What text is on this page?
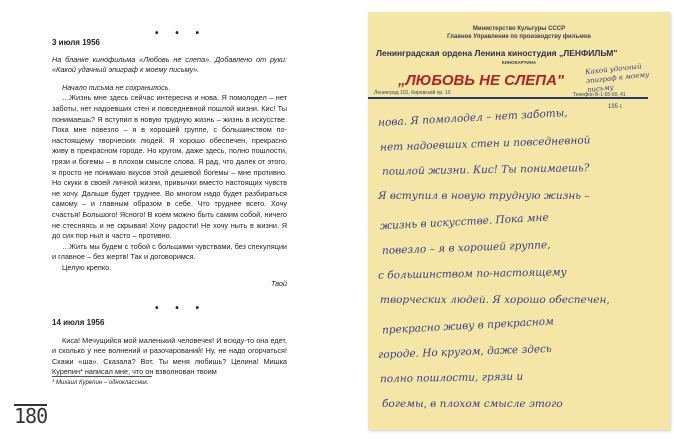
• • •

3 июля 1956

На бланке кинофильма «Любовь не слепа». Добавлено от руки: «Какой удачный эпиграф к моему письму».

Начало письма не сохранилось.

…Жизнь мне здесь сейчас интересна и нова. Я помолодел – нет заботы, нет надоевших стен и повседневной пошлой жизни. Кис! Ты понимаешь? Я вступил в новую трудную жизнь – жизнь в искусстве. Пока мне повезло – я в хорошей группе, с большинством по-настоящему творческих людей. Я хорошо обеспечен, прекрасно живу в прекрасном городе. Но кругом, даже здесь, полно пошлости, грязи и богемы – в плохом смысле слова. Я рад, что далек от этого, я просто не понимаю вкусов этой дешевой богемы – мне противно. Но скуки в своей личной жизни, привычки вместо настоящих чувств не хочу. Дальше будет труднее. Во многом надо будет разбираться самому – и главным образом в себе. Что труднее всего. Хочу счастья! Большого! Ясного! В коем можно быть самим собой, ничего не стесняясь и не скрывая! Хочу радости! Не хочу ныть в жизни. Я до сих пор ныл и часто – противно.

…Жить мы будем с тобой с большими чувствами, без спекуляции и главное – без жертв! Так и договоримся.

Целую крепко.

Твой

• • •

14 июля 1956

Киса! Мечущийся мой маленький человечек! И всюду-то она едет, и сколько у нее волнений и разочарований! Ну, не надо огорчаться! Скажи «ша». Сказала? Вот. Ты меня любишь? Целина! Мишка Курепин* написал мне, что он взволнован твоим

* Михаил Курепин – одноклассник.
180
Министерство Культуры СССР
Главное Управление по производству фильмов
Ленинградская ордена Ленина киностудия „ЛЕНФИЛЬМ"
КИНОКАРТИНА
„ЛЮБОВЬ НЕ СЛЕПА"
Какой удачный эпиграф к моему письму
Ленинград 101, Кировский пр. 10	Телефон В-1-65-00, 41
195 г.
нова. Я помолодел – нет заботы,
нет надоевших стен и повседневной
пошлой жизни. Кис! Ты понимаешь?
Я вступил в новую трудную жизнь –
жизнь в искусстве. Пока мне
повезло – я в хорошей группе,
с большинством по-настоящему
творческих людей. Я хорошо обеспечен,
прекрасно живу в прекрасном
городе. Но кругом, даже здесь
полно пошлости, грязи и
богемы, в плохом смысле этого
